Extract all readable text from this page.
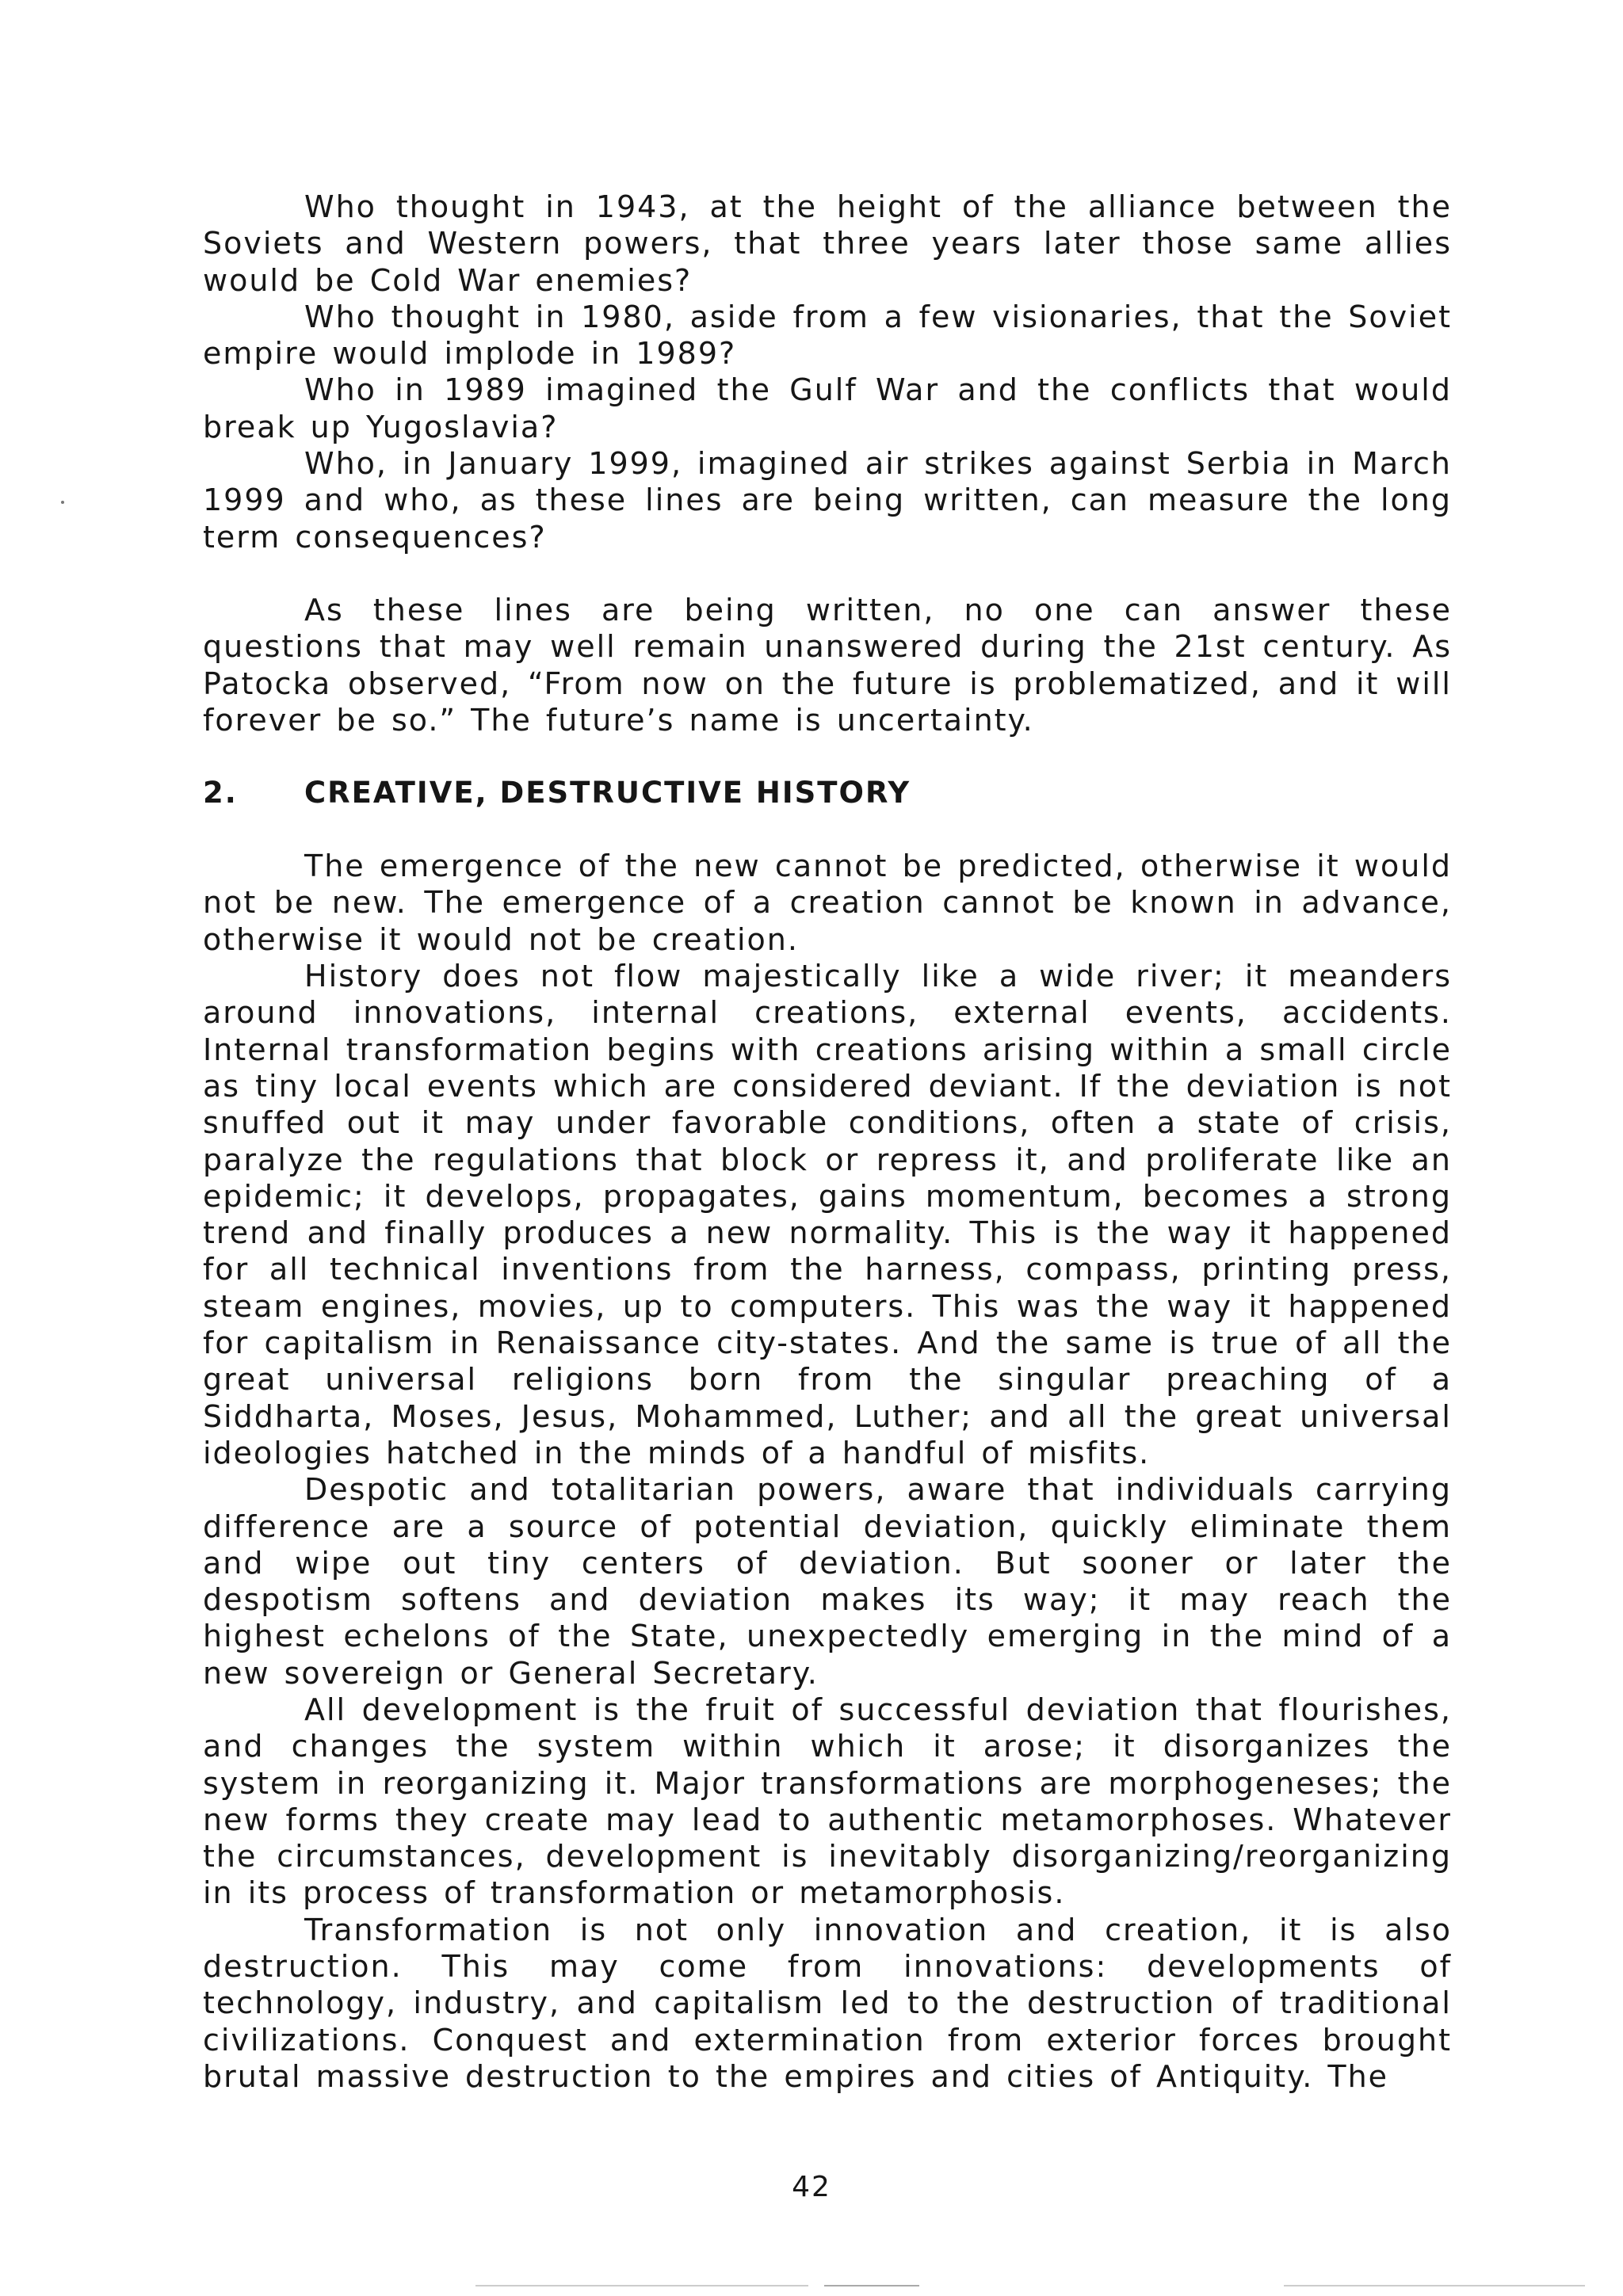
Who thought in 1943, at the height of the alliance between the Soviets and Western powers, that three years later those same allies would be Cold War enemies?

Who thought in 1980, aside from a few visionaries, that the Soviet empire would implode in 1989?

Who in 1989 imagined the Gulf War and the conflicts that would break up Yugoslavia?

Who, in January 1999, imagined air strikes against Serbia in March 1999 and who, as these lines are being written, can measure the long term consequences?

As these lines are being written, no one can answer these questions that may well remain unanswered during the 21st century. As Patocka observed, “From now on the future is problematized, and it will forever be so.” The future’s name is uncertainty.

2.	CREATIVE, DESTRUCTIVE HISTORY

The emergence of the new cannot be predicted, otherwise it would not be new. The emergence of a creation cannot be known in advance, otherwise it would not be creation.

History does not flow majestically like a wide river; it meanders around innovations, internal creations, external events, accidents. Internal transformation begins with creations arising within a small circle as tiny local events which are considered deviant. If the deviation is not snuffed out it may under favorable conditions, often a state of crisis, paralyze the regulations that block or repress it, and proliferate like an epidemic; it develops, propagates, gains momentum, becomes a strong trend and finally produces a new normality. This is the way it happened for all technical inventions from the harness, compass, printing press, steam engines, movies, up to computers. This was the way it happened for capitalism in Renaissance city-states. And the same is true of all the great universal religions born from the singular preaching of a Siddharta, Moses, Jesus, Mohammed, Luther; and all the great universal ideologies hatched in the minds of a handful of misfits.

Despotic and totalitarian powers, aware that individuals carrying difference are a source of potential deviation, quickly eliminate them and wipe out tiny centers of deviation. But sooner or later the despotism softens and deviation makes its way; it may reach the highest echelons of the State, unexpectedly emerging in the mind of a new sovereign or General Secretary.

All development is the fruit of successful deviation that flourishes, and changes the system within which it arose; it disorganizes the system in reorganizing it. Major transformations are morphogeneses; the new forms they create may lead to authentic metamorphoses. Whatever the circumstances, development is inevitably disorganizing/reorganizing in its process of transformation or metamorphosis.

Transformation is not only innovation and creation, it is also destruction. This may come from innovations: developments of technology, industry, and capitalism led to the destruction of traditional civilizations. Conquest and extermination from exterior forces brought brutal massive destruction to the empires and cities of Antiquity. The

42
